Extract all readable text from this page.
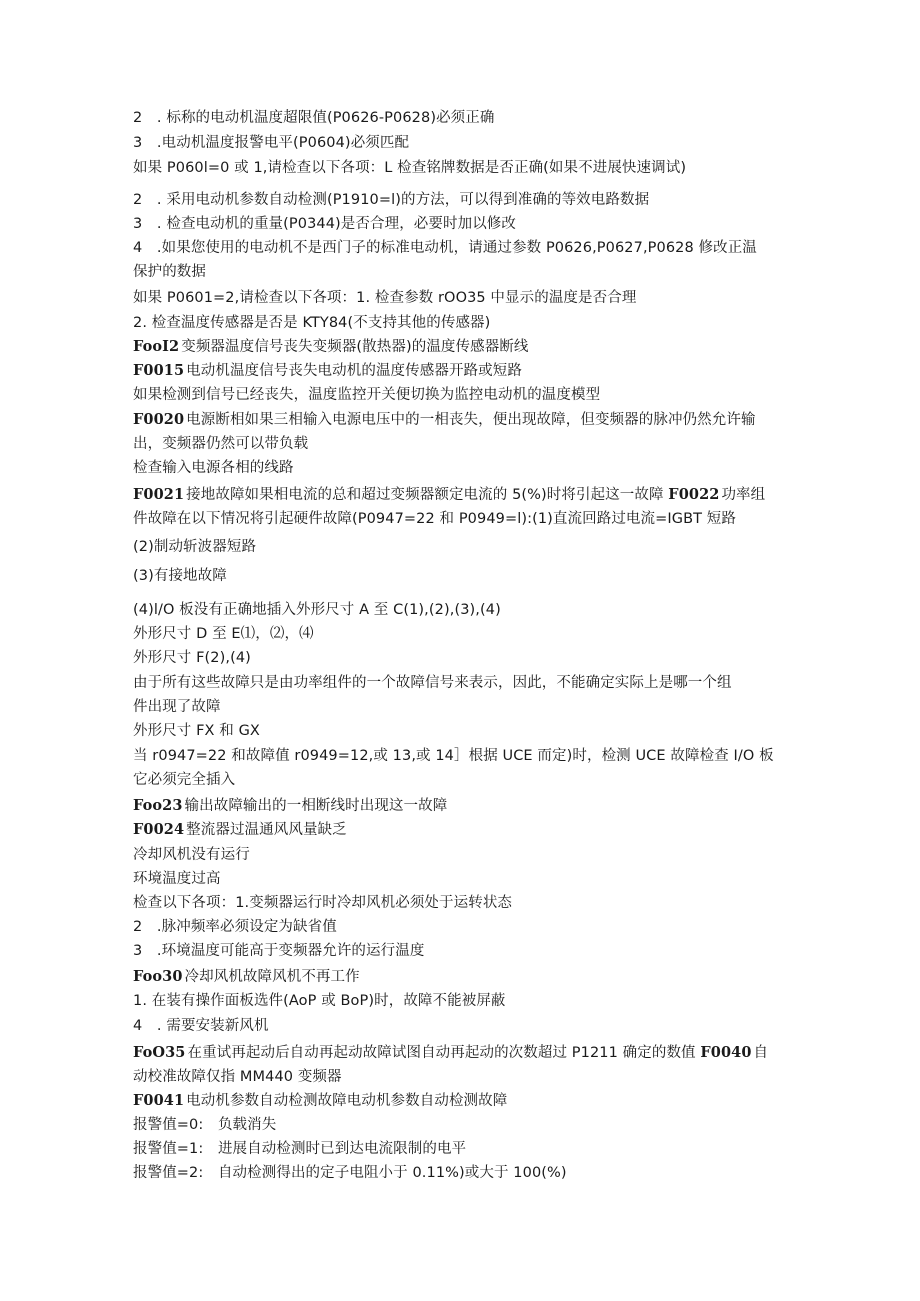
2　. 标称的电动机温度超限值(P0626-P0628)必须正确
3　.电动机温度报警电平(P0604)必须匹配
如果 P060l=0 或 1,请检查以下各项：L 检查铭牌数据是否正确(如果不进展快速调试)
2　. 采用电动机参数自动检测(P1910=l)的方法，可以得到准确的等效电路数据
3　. 检查电动机的重量(P0344)是否合理，必要时加以修改
4　.如果您使用的电动机不是西门子的标准电动机，请通过参数 P0626,P0627,P0628 修改正温
保护的数据
如果 P0601=2,请检查以下各项：1. 检查参数 rOO35 中显示的温度是否合理
2. 检查温度传感器是否是 KTY84(不支持其他的传感器)
FooI2 变频器温度信号丧失变频器(散热器)的温度传感器断线
F0015 电动机温度信号丧失电动机的温度传感器开路或短路
如果检测到信号已经丧失，温度监控开关便切换为监控电动机的温度模型
F0020 电源断相如果三相输入电源电压中的一相丧失，便出现故障，但变频器的脉冲仍然允许输
出，变频器仍然可以带负载
检查输入电源各相的线路
F0021 接地故障如果相电流的总和超过变频器额定电流的 5(%)时将引起这一故障 F0022 功率组
件故障在以下情况将引起硬件故障(P0947=22 和 P0949=l):(1)直流回路过电流=IGBT 短路
(2)制动斩波器短路
(3)有接地故障
(4)l/O 板没有正确地插入外形尺寸 A 至 C(1),(2),(3),(4)
外形尺寸 D 至 E⑴，⑵，⑷
外形尺寸 F(2),(4)
由于所有这些故障只是由功率组件的一个故障信号来表示，因此，不能确定实际上是哪一个组
件出现了故障
外形尺寸 FX 和 GX
当 r0947=22 和故障值 r0949=12,或 13,或 14］根据 UCE 而定)时，检测 UCE 故障检查 I/O 板
它必须完全插入
Foo23 输出故障输出的一相断线时出现这一故障
F0024 整流器过温通风风量缺乏
冷却风机没有运行
环境温度过高
检查以下各项：1.变频器运行时冷却风机必须处于运转状态
2　.脉冲频率必须设定为缺省值
3　.环境温度可能高于变频器允许的运行温度
Foo30 冷却风机故障风机不再工作
1. 在装有操作面板选件(AoP 或 BoP)时，故障不能被屏蔽
4　. 需要安装新风机
FoO35 在重试再起动后自动再起动故障试图自动再起动的次数超过 P1211 确定的数值 F0040 自
动校准故障仅指 MM440 变频器
F0041 电动机参数自动检测故障电动机参数自动检测故障
报警值=0:　负载消失
报警值=1:　进展自动检测时已到达电流限制的电平
报警值=2:　自动检测得出的定子电阻小于 0.11%)或大于 100(%)
